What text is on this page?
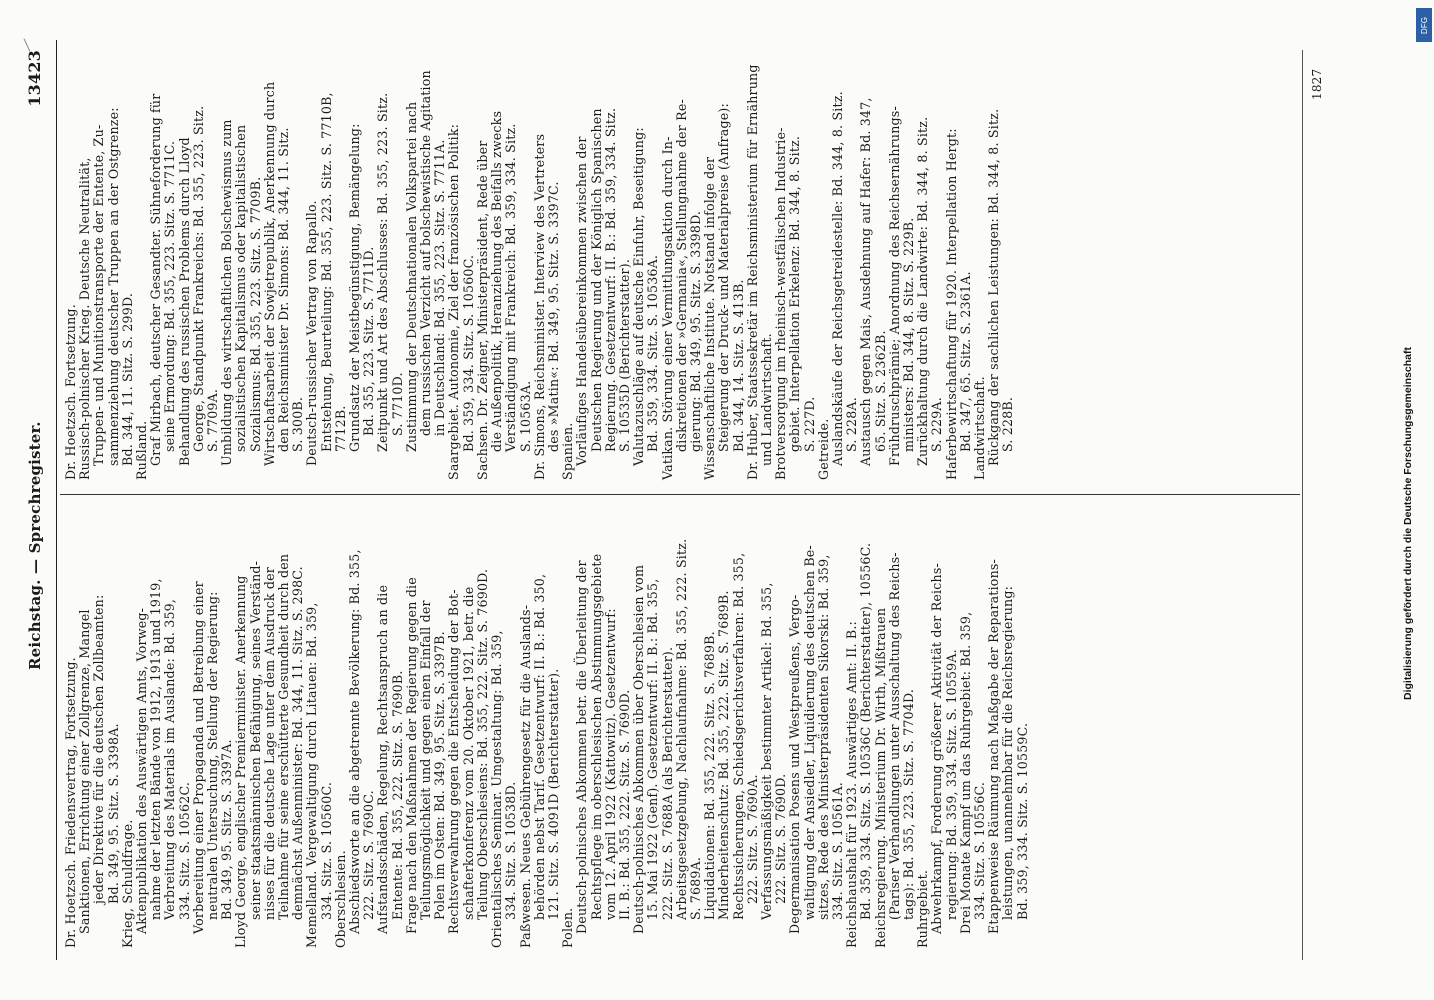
Reichstag. — Sprechregister.
13423
Dr. Hoetzsch. Friedensvertrag, Fortsetzung. Sanktionen, Errichtung einer Zollgrenze, Mangel jeder Direktive für die deutschen Zollbeamten: Bd. 349, 95. Sitz. S. 3398A. Krieg, Schuldfrage. Aktenpublikation des Auswärtigen Amts, Vorweg- nahme der letzten Bände von 1912, 1913 und 1919, Verbreitung des Materials im Auslande: Bd. 359, 334. Sitz. S. 10562C. Vorbereitung einer Propaganda und Betreibung einer neutralen Untersuchung, Stellung der Regierung: Bd. 349, 95. Sitz. S. 3397A. Lloyd George, englischer Premierminister. Anerkennung seiner staatsmännischen Befähigung, seines Verständ- nisses für die deutsche Lage unter dem Ausdruck der Teilnahme für seine erschütterte Gesundheit durch den demnächst Außenminister: Bd. 344, 11. Sitz. S. 298C. Memelland. Vergewaltigung durch Litauen: Bd. 359, 334. Sitz. S. 10560C. Oberschlesien. Abschiedsworte an die abgetrennte Bevölkerung: Bd. 355, 222. Sitz. S. 7690C. Aufstandsschäden, Regelung, Rechtsanspruch an die Entente: Bd. 355, 222. Sitz. S. 7690B. Frage nach den Maßnahmen der Regierung gegen die Teilungsmöglichkeit und gegen einen Einfall der Polen im Osten: Bd. 349, 95. Sitz. S. 3397B. Rechtsverwahrung gegen die Entscheidung der Bot- schafterkonferenz vom 20. Oktober 1921, betr. die Teilung Oberschlesiens: Bd. 355, 222. Sitz. S. 7690D. Orientalisches Seminar. Umgestaltung: Bd. 359, 334. Sitz. S. 10538D. Paßwesen. Neues Gebührengesetz für die Auslands- behörden nebst Tarif. Gesetzentwurf: II. B.: Bd. 350, 121. Sitz. S. 4091D (Berichterstatter).
Polen. Deutsch-polnisches Abkommen betr. die Überleitung der Rechtspflege im oberschlesischen Abstimmungsgebiete vom 12. April 1922 (Kattowitz). Gesetzentwurf: II. B.: Bd. 355, 222. Sitz. S. 7690D. Deutsch-polnisches Abkommen über Oberschlesien vom 15. Mai 1922 (Genf). Gesetzentwurf: II. B.: Bd. 355, 222. Sitz. S. 7688A (als Berichterstatter). Arbeitsgesetzgebung, Nachlaufnahme: Bd. 355, 222. Sitz. S. 7689A. Liquidationen: Bd. 355, 222. Sitz. S. 7689B. Minderheitenschutz: Bd. 355, 222. Sitz. S. 7689B. Rechtssicherungen, Schiedsgerichtsverfahren: Bd. 355, 222. Sitz. S. 7690A. Verfassungsmäßigkeit bestimmter Artikel: Bd. 355, 222. Sitz. S. 7690D. Degermanisation Posens und Westpreußens, Vergo- waltigung der Ansiedler, Liquidierung des deutschen Be- sitzes, Rede des Ministerpräsidenten Sikorski: Bd. 359, 334. Sitz. S. 10561A. Reichshaushalt für 1923. Auswärtiges Amt: II. B.: Bd. 359, 334. Sitz. S. 10536C (Berichterstatter), 10556C. Reichsregierung. Ministerium Dr. Wirth, Mißtrauen (Pariser Verhandlungen unter Ausschaltung des Reichs- tags): Bd. 355, 223. Sitz. S. 7704D. Ruhrgebiet. Abwehrkampf, Forderung größerer Aktivität der Reichs- regierung: Bd. 359, 334. Sitz. S. 10559A. Drei Monate Kampf um das Ruhrgebiet: Bd. 359, 334. Sitz. S. 10556C. Etappenweise Räumung nach Maßgabe der Reparations- leistungen, unannehmbar für die Reichsregierung: Bd. 359, 334. Sitz. S. 10559C.
Dr. Hoetzsch. Fortsetzung. Russisch-polnischer Krieg. Deutsche Neutralität, Truppen- und Munitionstransporte der Entente, Zu- sammenziehung deutscher Truppen an der Ostgrenze: Bd. 344, 11. Sitz. S. 299D. Rußland. Graf Mirbach, deutscher Gesandter. Sühneforderung für seine Ermordung: Bd. 355, 223. Sitz. S. 7711C. Behandlung des russischen Problems durch Lloyd George, Standpunkt Frankreichs: Bd. 355, 223. Sitz. S. 7709A. Umbildung des wirtschaftlichen Bolschewismus zum sozialistischen Kapitalismus oder kapitalistischen Sozialismus: Bd. 355, 223. Sitz. S. 7709B. Wirtschaftsarbeit der Sowjetrepublik, Anerkennung durch den Reichsminister Dr. Simons: Bd. 344, 11. Sitz. S. 300B. Deutsch-russischer Vertrag von Rapallo. Entstehung, Beurteilung: Bd. 355, 223. Sitz. S. 7710B, 7712B. Grundsatz der Meistbegünstigung, Bemängelung: Bd. 355, 223. Sitz. S. 7711D. Zeitpunkt und Art des Abschlusses: Bd. 355, 223. Sitz. S. 7710D. Zustimmung der Deutschnationalen Volkspartei nach dem russischen Verzicht auf bolschewistische Agitation in Deutschland: Bd. 355, 223. Sitz. S. 7711A. Saargebiet. Autonomie, Ziel der französischen Politik: Bd. 359, 334. Sitz. S. 10560C. Sachsen. Dr. Zeigner, Ministerpräsident, Rede über die Außenpolitik, Heranziehung des Beifalls zwecks Verständigung mit Frankreich: Bd. 359, 334. Sitz. S. 10563A. Dr. Simons, Reichsminister. Interview des Vertreters des »Matin«: Bd. 349, 95. Sitz. S. 3397C. Spanien. Vorläufiges Handelsübereinkommen zwischen der Deutschen Regierung und der Königlich Spanischen Regierung. Gesetzentwurf: II. B.: Bd. 359, 334. Sitz. S. 10535D (Berichterstatter). Valutazuschläge auf deutsche Einfuhr, Beseitigung: Bd. 359, 334. Sitz. S. 10536A. Vatikan. Störung einer Vermittlungsaktion durch In- diskretionen der »Germania«, Stellungnahme der Re- gierung: Bd. 349, 95. Sitz. S. 3398D. Wissenschaftliche Institute. Notstand infolge der Steigerung der Druck- und Materialpreise (Anfrage): Bd. 344, 14. Sitz. S. 413B. Dr. Huber, Staatssekretär im Reichsministerium für Ernährung und Landwirtschaft. Brotversorgung im rheinisch-westfälischen Industrie- gebiet. Interpellation Erkelenz: Bd. 344, 8. Sitz. S. 227D. Getreide. Auslandskäufe der Reichsgetreidestelle: Bd. 344, 8. Sitz. S. 228A. Austausch gegen Mais, Ausdehnung auf Hafer: Bd. 347, 65. Sitz. S. 2362B. Frühdruschprämie; Anordnung des Reichsernährungs- ministers: Bd. 344, 8. Sitz. S. 229B. Zurückhaltung durch die Landwirte: Bd. 344, 8. Sitz. S. 229A. Haferbewirtschaftung für 1920. Interpellation Hergt: Bd. 347, 65. Sitz. S. 2361A. Landwirtschaft. Rückgang der sachlichen Leistungen: Bd. 344, 8. Sitz. S. 228B.
1827
DFG
Digitalisierung gefördert durch die Deutsche Forschungsgemeinschaft
